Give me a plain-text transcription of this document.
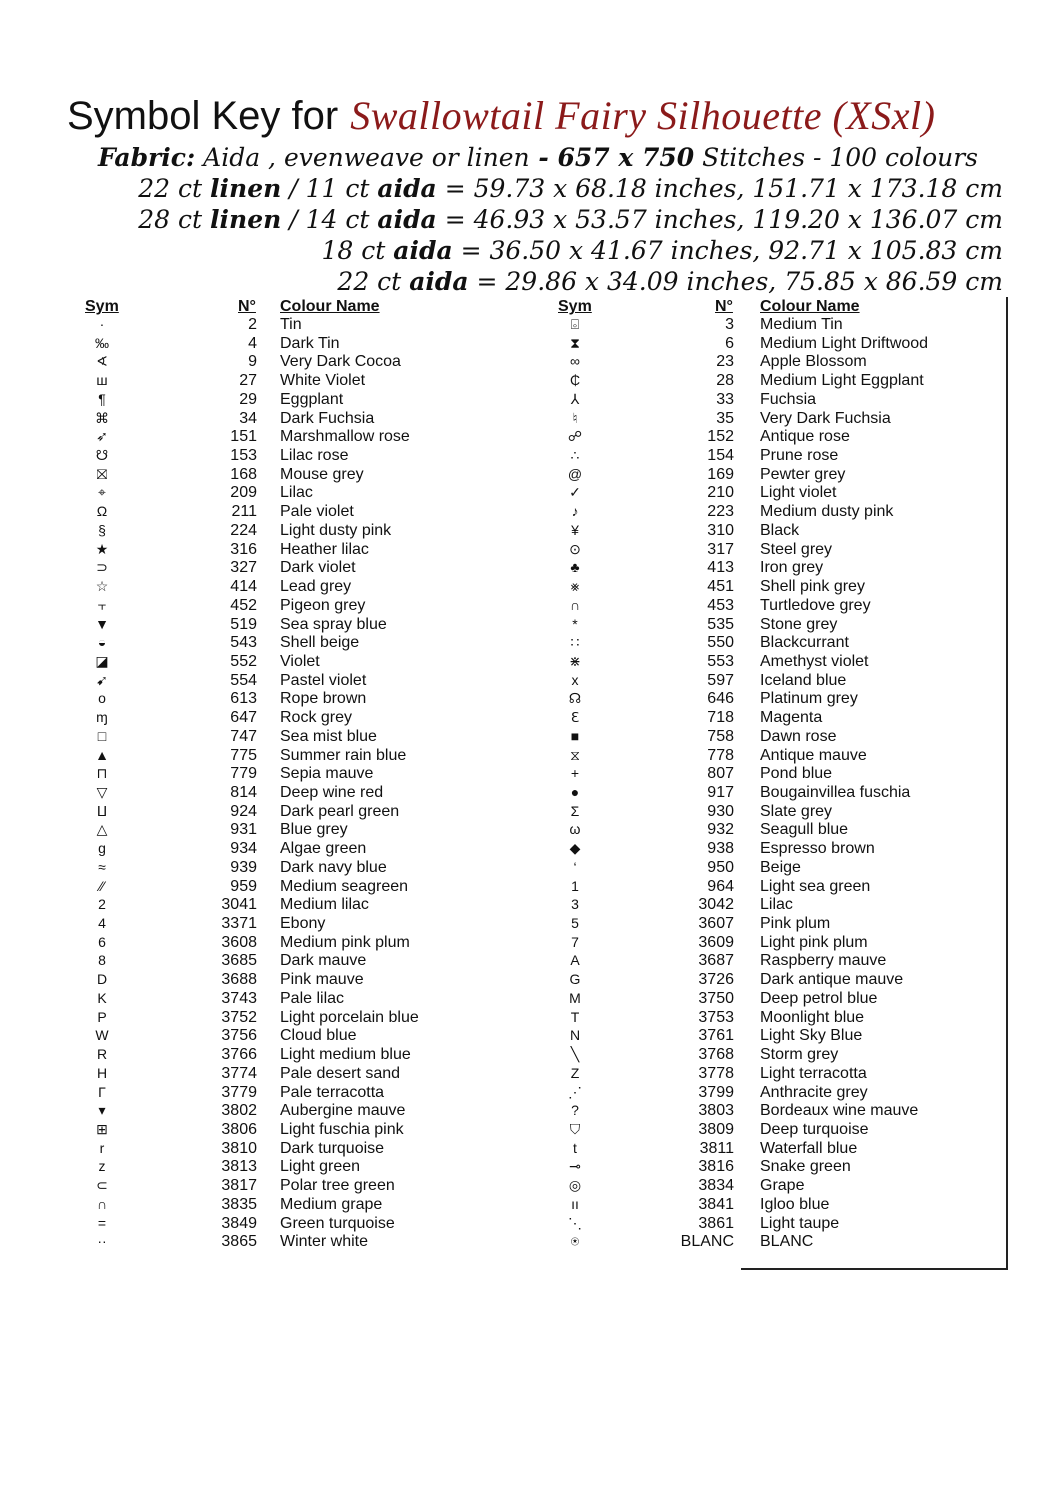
Symbol Key for Swallowtail Fairy Silhouette (XSxl)
Fabric: Aida , evenweave or linen - 657 x 750 Stitches - 100 colours
22 ct linen / 11 ct aida = 59.73 x 68.18 inches, 151.71 x 173.18 cm
28 ct linen / 14 ct aida = 46.93 x 53.57 inches, 119.20 x 136.07 cm
18 ct aida = 36.50 x 41.67 inches, 92.71 x 105.83 cm
22 ct aida = 29.86 x 34.09 inches, 75.85 x 86.59 cm
Sym	N° Colour Name	Sym	N° Colour Name
·	2 Tin
‰	4 Dark Tin
∢	9 Very Dark Cocoa
ш	27 White Violet
¶	29 Eggplant
⌘	34 Dark Fuchsia
➶	151 Marshmallow rose
☋	153 Lilac rose
⛝	168 Mouse grey
⌖	209 Lilac
Ω	211 Pale violet
§	224 Light dusty pink
★	316 Heather lilac
⊃	327 Dark violet
☆	414 Lead grey
⫟	452 Pigeon grey
▼	519 Sea spray blue
◒	543 Shell beige
◪	552 Violet
➹	554 Pastel violet
o	613 Rope brown
ɱ	647 Rock grey
□	747 Sea mist blue
▲	775 Summer rain blue
⊓	779 Sepia mauve
▽	814 Deep wine red
ⵡ	924 Dark pearl green
△	931 Blue grey
g	934 Algae green
≈	939 Dark navy blue
⁄⁄	959 Medium seagreen
2	3041 Medium lilac
4	3371 Ebony
6	3608 Medium pink plum
8	3685 Dark mauve
D	3688 Pink mauve
K	3743 Pale lilac
P	3752 Light porcelain blue
W	3756 Cloud blue
R	3766 Light medium blue
H	3774 Pale desert sand
Γ	3779 Pale terracotta
▾	3802 Aubergine mauve
⊞	3806 Light fuschia pink
r	3810 Dark turquoise
z	3813 Light green
⊂	3817 Polar tree green
∩	3835 Medium grape
=	3849 Green turquoise
··	3865 Winter white
⌻	3 Medium Tin
⧗	6 Medium Light Driftwood
∞	23 Apple Blossom
₵	28 Medium Light Eggplant
⅄	33 Fuchsia
♮	35 Very Dark Fuchsia
☍	152 Antique rose
∴	154 Prune rose
@	169 Pewter grey
✓	210 Light violet
♪	223 Medium dusty pink
¥	310 Black
⊙	317 Steel grey
♣	413 Iron grey
⨳	451 Shell pink grey
∩	453 Turtledove grey
*	535 Stone grey
∷	550 Blackcurrant
⋇	553 Amethyst violet
x	597 Iceland blue
☊	646 Platinum grey
ℇ	718 Magenta
■	758 Dawn rose
⧖	778 Antique mauve
+	807 Pond blue
●	917 Bougainvillea fuschia
Σ	930 Slate grey
ω	932 Seagull blue
◆	938 Espresso brown
‘	950 Beige
1	964 Light sea green
3	3042 Lilac
5	3607 Pink plum
7	3609 Light pink plum
A	3687 Raspberry mauve
G	3726 Dark antique mauve
M	3750 Deep petrol blue
T	3753 Moonlight blue
N	3761 Light Sky Blue
╲	3768 Storm grey
Z	3778 Light terracotta
⋰	3799 Anthracite grey
?	3803 Bordeaux wine mauve
⛉	3809 Deep turquoise
t	3811 Waterfall blue
⊸	3816 Snake green
◎	3834 Grape
ıı	3841 Igloo blue
⋱	3861 Light taupe
⍟	BLANC BLANC
